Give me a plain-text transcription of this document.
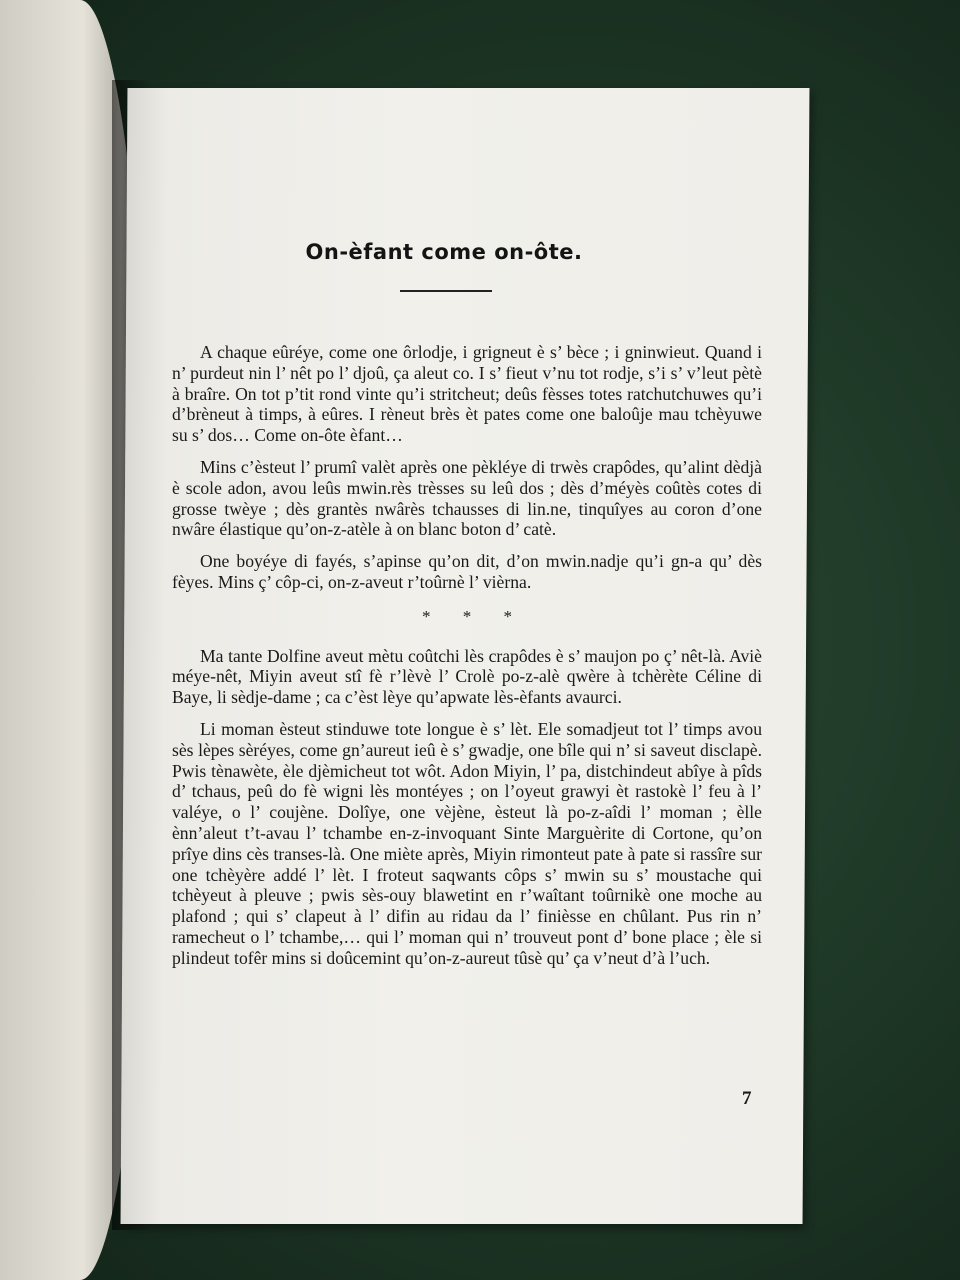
On-èfant come on-ôte.

A chaque eûréye, come one ôrlodje, i grigneut è s’ bèce ; i gninwieut. Quand i n’ purdeut nin l’ nêt po l’ djoû, ça aleut co. I s’ fieut v’nu tot rodje, s’i s’ v’leut pètè à braîre. On tot p’tit rond vinte qu’i stritcheut; deûs fèsses totes ratchutchuwes qu’i d’brèneut à timps, à eûres. I rèneut brès èt pates come one baloûje mau tchèyuwe su s’ dos… Come on-ôte èfant…

Mins c’èsteut l’ prumî valèt après one pèkléye di trwès crapôdes, qu’alint dèdjà è scole adon, avou leûs mwin.rès trèsses su leû dos ; dès d’méyès coûtès cotes di grosse twèye ; dès grantès nwârès tchausses di lin.ne, tinquîyes au coron d’one nwâre élastique qu’on-z-atèle à on blanc boton d’ catè.

One boyéye di fayés, s’apinse qu’on dit, d’on mwin.nadje qu’i gn-a qu’ dès fèyes. Mins ç’ côp-ci, on-z-aveut r’toûrnè l’ vièrna.

* * *

Ma tante Dolfine aveut mètu coûtchi lès crapôdes è s’ maujon po ç’ nêt-là. Aviè méye-nêt, Miyin aveut stî fè r’lèvè l’ Crolè po-z-alè qwère à tchèrète Céline di Baye, li sèdje-dame ; ca c’èst lèye qu’apwate lès-èfants avaurci.

Li moman èsteut stinduwe tote longue è s’ lèt. Ele somadjeut tot l’ timps avou sès lèpes sèréyes, come gn’aureut ieû è s’ gwadje, one bîle qui n’ si saveut disclapè. Pwis tènawète, èle djèmicheut tot wôt. Adon Miyin, l’ pa, distchindeut abîye à pîds d’ tchaus, peû do fè wigni lès montéyes ; on l’oyeut grawyi èt rastokè l’ feu à l’ valéye, o l’ coujène. Dolîye, one vèjène, èsteut là po-z-aîdi l’ moman ; èlle ènn’aleut t’t-avau l’ tchambe en-z-invoquant Sinte Marguèrite di Cortone, qu’on prîye dins cès transes-là. One miète après, Miyin rimonteut pate à pate si rassîre sur one tchèyère addé l’ lèt. I froteut saqwants côps s’ mwin su s’ moustache qui tchèyeut à pleuve ; pwis sès-ouy blawetint en r’waîtant toûrnikè one moche au plafond ; qui s’ clapeut à l’ difin au ridau da l’ finièsse en chûlant. Pus rin n’ ramecheut o l’ tchambe,… qui l’ moman qui n’ trouveut pont d’ bone place ; èle si plindeut tofêr mins si doûcemint qu’on-z-aureut tûsè qu’ ça v’neut d’à l’uch.

7
